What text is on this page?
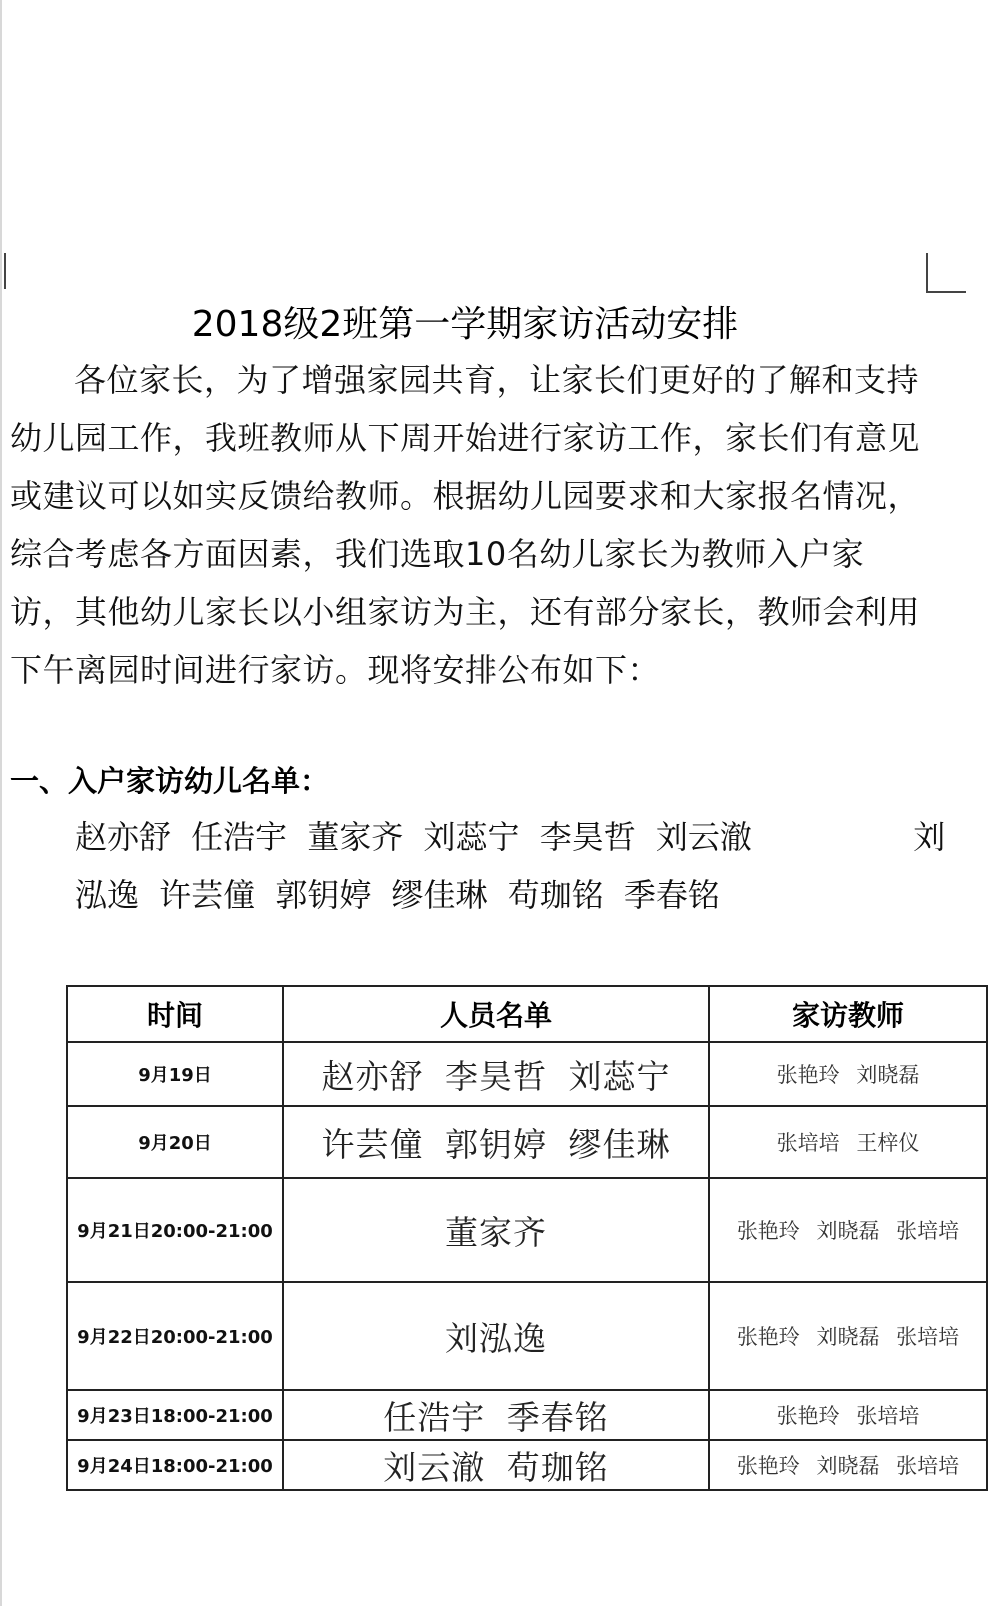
2018级2班第一学期家访活动安排

各位家长，为了增强家园共育，让家长们更好的了解和支持幼儿园工作，我班教师从下周开始进行家访工作，家长们有意见或建议可以如实反馈给教师。根据幼儿园要求和大家报名情况，综合考虑各方面因素，我们选取10名幼儿家长为教师入户家访，其他幼儿家长以小组家访为主，还有部分家长，教师会利用下午离园时间进行家访。现将安排公布如下：

一、入户家访幼儿名单：
赵亦舒 任浩宇 董家齐 刘蕊宁 李昊哲 刘云澈        刘
泓逸 许芸僮 郭钥婷 缪佳琳 苟珈铭 季春铭
时间	人员名单	家访教师
9月19日	赵亦舒 李昊哲 刘蕊宁	张艳玲 刘晓磊
9月20日	许芸僮 郭钥婷 缪佳琳	张培培 王梓仪
9月21日20:00-21:00	董家齐	张艳玲 刘晓磊 张培培
9月22日20:00-21:00	刘泓逸	张艳玲 刘晓磊 张培培
9月23日18:00-21:00	任浩宇 季春铭	张艳玲 张培培
9月24日18:00-21:00	刘云澈 苟珈铭	张艳玲 刘晓磊 张培培
